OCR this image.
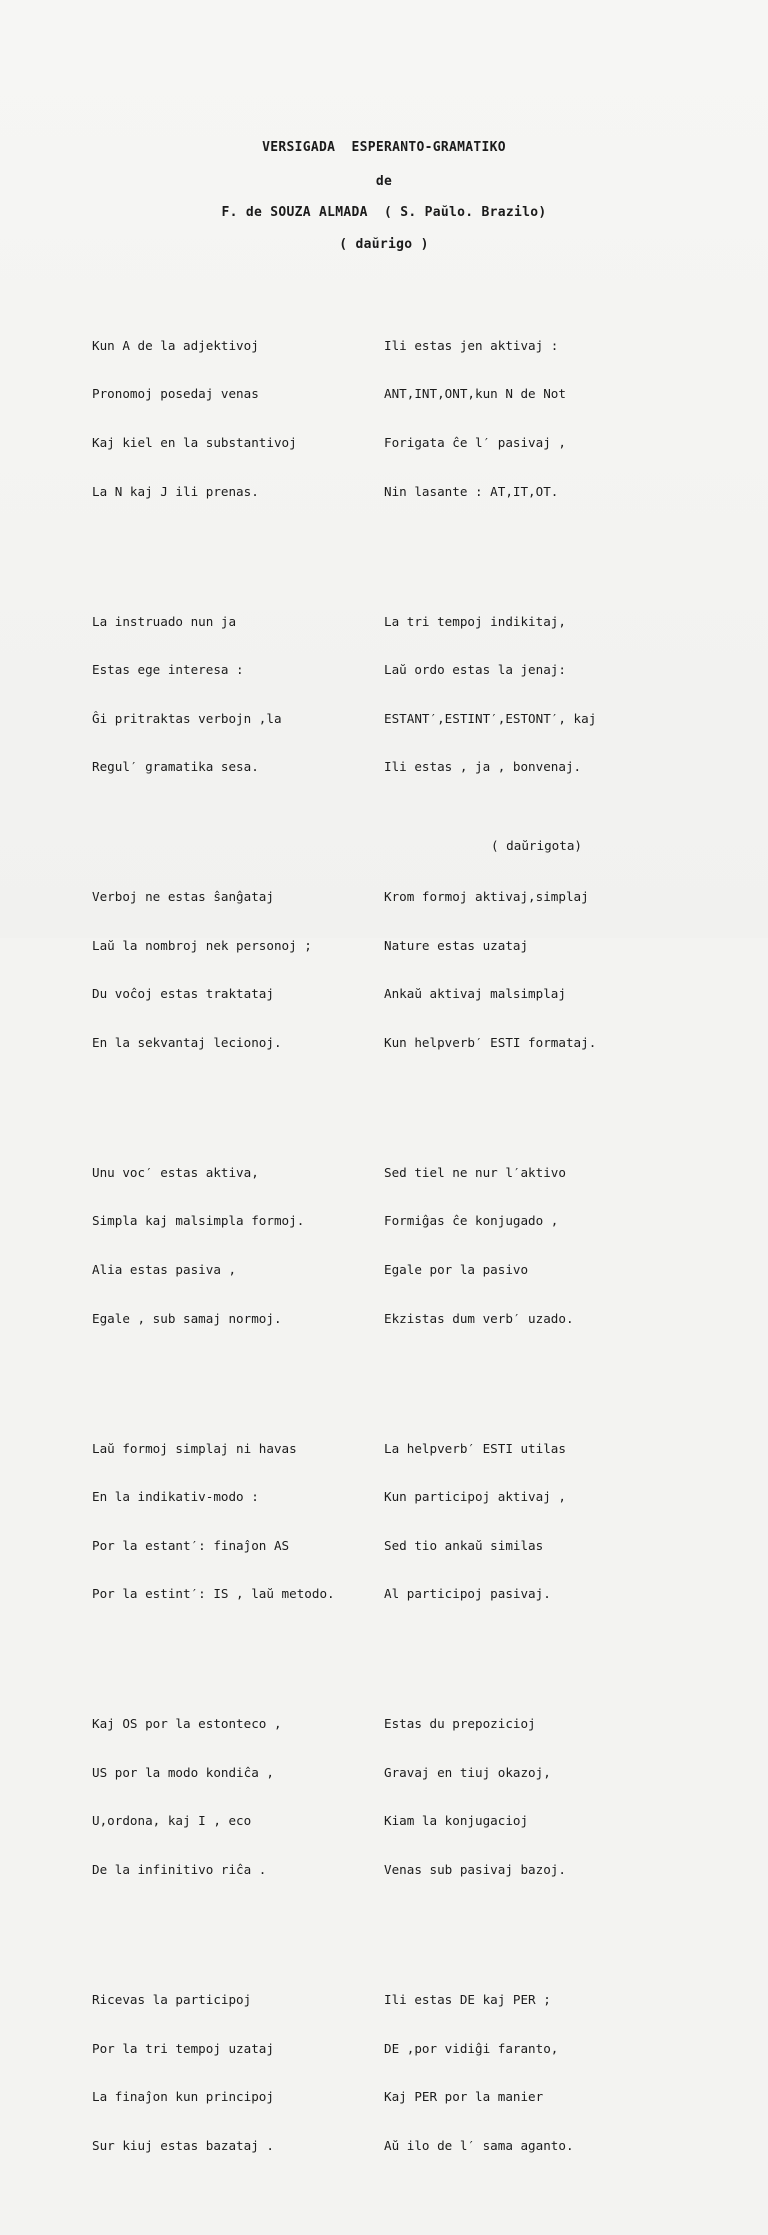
VERSIGADA  ESPERANTO-GRAMATIKO
de
F. de SOUZA ALMADA  ( S. Paŭlo. Brazilo)
( daŭrigo )

Kun A de la adjektivoj

Pronomoj posedaj venas

Kaj kiel en la substantivoj

La N kaj J ili prenas.

La instruado nun ja

Estas ege interesa :

Ĝi pritraktas verbojn ,la

Regul′ gramatika sesa.

Verboj ne estas ŝanĝataj

Laŭ la nombroj nek personoj ;

Du voĉoj estas traktataj

En la sekvantaj lecionoj.

Unu voc′ estas aktiva,

Simpla kaj malsimpla formoj.

Alia estas pasiva ,

Egale , sub samaj normoj.

Laŭ formoj simplaj ni havas

En la indikativ-modo :

Por la estant′: finaĵon AS

Por la estint′: IS , laŭ metodo.

Kaj OS por la estonteco ,

US por la modo kondiĉa ,

U,ordona, kaj I , eco

De la infinitivo riĉa .

Ricevas la participoj

Por la tri tempoj uzataj

La finaĵon kun principoj

Sur kiuj estas bazataj .

Ili estas jen aktivaj :

ANT,INT,ONT,kun N de Not

Forigata ĉe l′ pasivaj ,

Nin lasante : AT,IT,OT.

La tri tempoj indikitaj,

Laŭ ordo estas la jenaj:

ESTANT′,ESTINT′,ESTONT′, kaj

Ili estas , ja , bonvenaj.

Krom formoj aktivaj,simplaj

Nature estas uzataj

Ankaŭ aktivaj malsimplaj

Kun helpverb′ ESTI formataj.

Sed tiel ne nur l′aktivo

Formiĝas ĉe konjugado ,

Egale por la pasivo

Ekzistas dum verb′ uzado.

La helpverb′ ESTI utilas

Kun participoj aktivaj ,

Sed tio ankaŭ similas

Al participoj pasivaj.

Estas du prepozicioj

Gravaj en tiuj okazoj,

Kiam la konjugacioj

Venas sub pasivaj bazoj.

Ili estas DE kaj PER ;

DE ,por vidiĝi faranto,

Kaj PER por la manier

Aŭ ilo de l′ sama aganto.

( daŭrigota)
